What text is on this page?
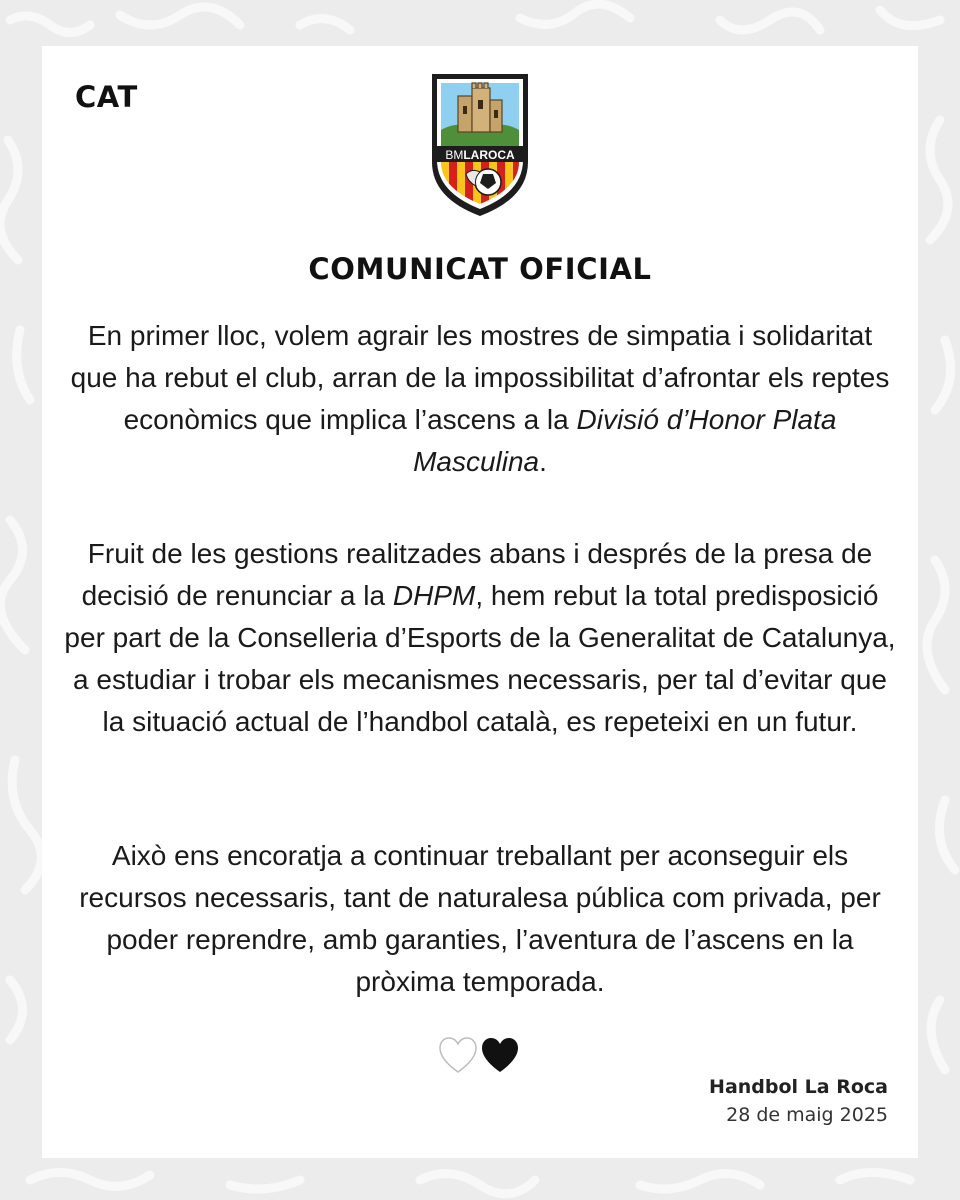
CAT
BMLAROCA
COMUNICAT OFICIAL
En primer lloc, volem agrair les mostres de simpatia i solidaritat que ha rebut el club, arran de la impossibilitat d’afrontar els reptes econòmics que implica l’ascens a la Divisió d’Honor Plata Masculina.
Fruit de les gestions realitzades abans i després de la presa de decisió de renunciar a la DHPM, hem rebut la total predisposició per part de la Conselleria d’Esports de la Generalitat de Catalunya, a estudiar i trobar els mecanismes necessaris, per tal d’evitar que la situació actual de l’handbol català, es repeteixi en un futur.
Això ens encoratja a continuar treballant per aconseguir els recursos necessaris, tant de naturalesa pública com privada, per poder reprendre, amb garanties, l’aventura de l’ascens en la pròxima temporada.
Handbol La Roca
28 de maig 2025
